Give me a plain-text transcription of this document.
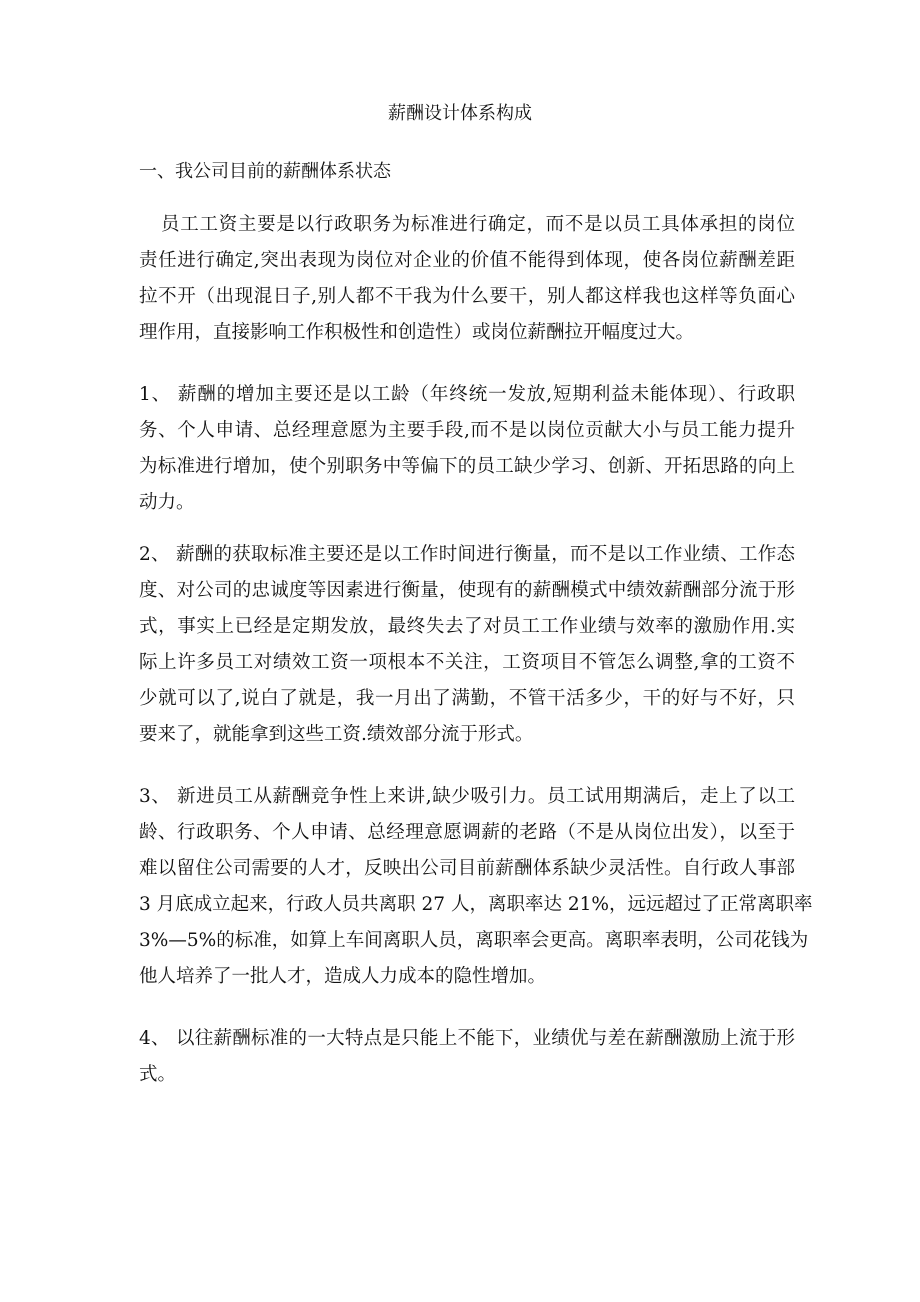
薪酬设计体系构成
一、我公司目前的薪酬体系状态
员工工资主要是以行政职务为标准进行确定，而不是以员工具体承担的岗位
责任进行确定,突出表现为岗位对企业的价值不能得到体现，使各岗位薪酬差距
拉不开（出现混日子,别人都不干我为什么要干，别人都这样我也这样等负面心
理作用，直接影响工作积极性和创造性）或岗位薪酬拉开幅度过大。
1、 薪酬的增加主要还是以工龄（年终统一发放,短期利益未能体现）、行政职
务、个人申请、总经理意愿为主要手段,而不是以岗位贡献大小与员工能力提升
为标准进行增加，使个别职务中等偏下的员工缺少学习、创新、开拓思路的向上
动力。
2、 薪酬的获取标准主要还是以工作时间进行衡量，而不是以工作业绩、工作态
度、对公司的忠诚度等因素进行衡量，使现有的薪酬模式中绩效薪酬部分流于形
式，事实上已经是定期发放，最终失去了对员工工作业绩与效率的激励作用.实
际上许多员工对绩效工资一项根本不关注，工资项目不管怎么调整,拿的工资不
少就可以了,说白了就是，我一月出了满勤，不管干活多少，干的好与不好，只
要来了，就能拿到这些工资.绩效部分流于形式。
3、 新进员工从薪酬竞争性上来讲,缺少吸引力。员工试用期满后，走上了以工
龄、行政职务、个人申请、总经理意愿调薪的老路（不是从岗位出发），以至于
难以留住公司需要的人才，反映出公司目前薪酬体系缺少灵活性。自行政人事部
3 月底成立起来，行政人员共离职 27 人，离职率达 21%，远远超过了正常离职率
3%—5%的标准，如算上车间离职人员，离职率会更高。离职率表明，公司花钱为
他人培养了一批人才，造成人力成本的隐性增加。
4、 以往薪酬标准的一大特点是只能上不能下，业绩优与差在薪酬激励上流于形
式。
